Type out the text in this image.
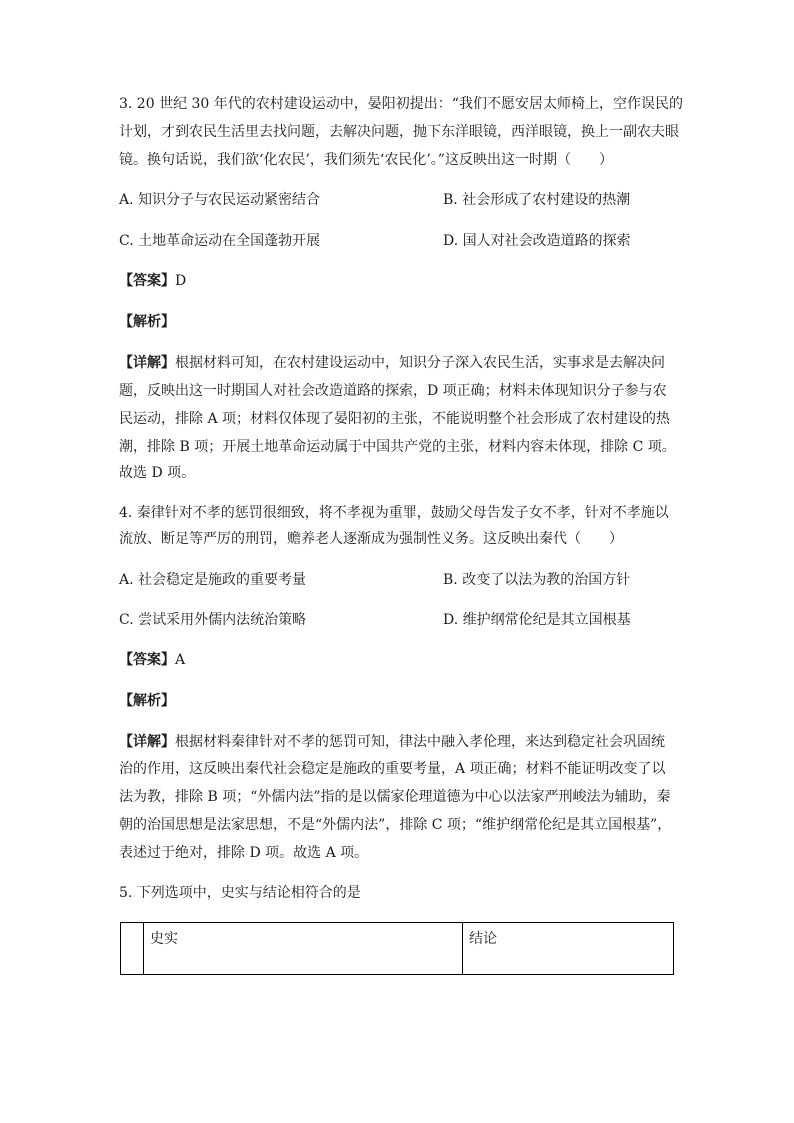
3. 20 世纪 30 年代的农村建设运动中，晏阳初提出：“我们不愿安居太师椅上，空作误民的

计划，才到农民生活里去找问题，去解决问题，抛下东洋眼镜，西洋眼镜，换上一副农夫眼

镜。换句话说，我们欲‘化农民’，我们须先‘农民化’。”这反映出这一时期（　　）

A. 知识分子与农民运动紧密结合	B. 社会形成了农村建设的热潮
C. 土地革命运动在全国蓬勃开展	D. 国人对社会改造道路的探索

【答案】D

【解析】

【详解】根据材料可知，在农村建设运动中，知识分子深入农民生活，实事求是去解决问

题，反映出这一时期国人对社会改造道路的探索，D 项正确；材料未体现知识分子参与农

民运动，排除 A 项；材料仅体现了晏阳初的主张，不能说明整个社会形成了农村建设的热

潮，排除 B 项；开展土地革命运动属于中国共产党的主张，材料内容未体现，排除 C 项。

故选 D 项。

4. 秦律针对不孝的惩罚很细致，将不孝视为重罪，鼓励父母告发子女不孝，针对不孝施以

流放、断足等严厉的刑罚，赡养老人逐渐成为强制性义务。这反映出秦代（　　）

A. 社会稳定是施政的重要考量	B. 改变了以法为教的治国方针
C. 尝试采用外儒内法统治策略	D. 维护纲常伦纪是其立国根基

【答案】A

【解析】

【详解】根据材料秦律针对不孝的惩罚可知，律法中融入孝伦理，来达到稳定社会巩固统

治的作用，这反映出秦代社会稳定是施政的重要考量，A 项正确；材料不能证明改变了以

法为教，排除 B 项；“外儒内法”指的是以儒家伦理道德为中心以法家严刑峻法为辅助，秦

朝的治国思想是法家思想，不是“外儒内法”，排除 C 项；“维护纲常伦纪是其立国根基”，

表述过于绝对，排除 D 项。故选 A 项。

5. 下列选项中，史实与结论相符合的是

	史实	结论
